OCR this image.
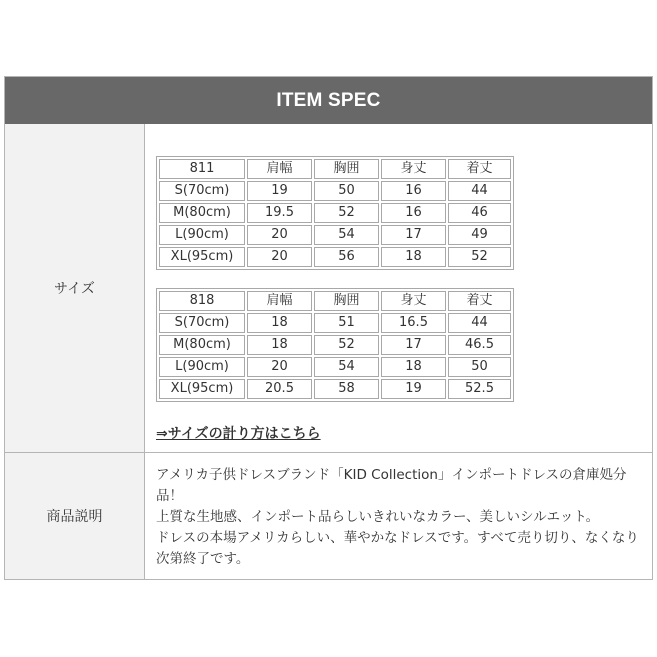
ITEM SPEC
サイズ
811	肩幅	胸囲	身丈	着丈
S(70cm)	19	50	16	44
M(80cm)	19.5	52	16	46
L(90cm)	20	54	17	49
XL(95cm)	20	56	18	52
818	肩幅	胸囲	身丈	着丈
S(70cm)	18	51	16.5	44
M(80cm)	18	52	17	46.5
L(90cm)	20	54	18	50
XL(95cm)	20.5	58	19	52.5
⇒サイズの計り方はこちら
商品説明

アメリカ子供ドレスブランド「KID Collection」インポートドレスの倉庫処分品！

上質な生地感、インポート品らしいきれいなカラー、美しいシルエット。

ドレスの本場アメリカらしい、華やかなドレスです。すべて売り切り、なくなり次第終了です。
